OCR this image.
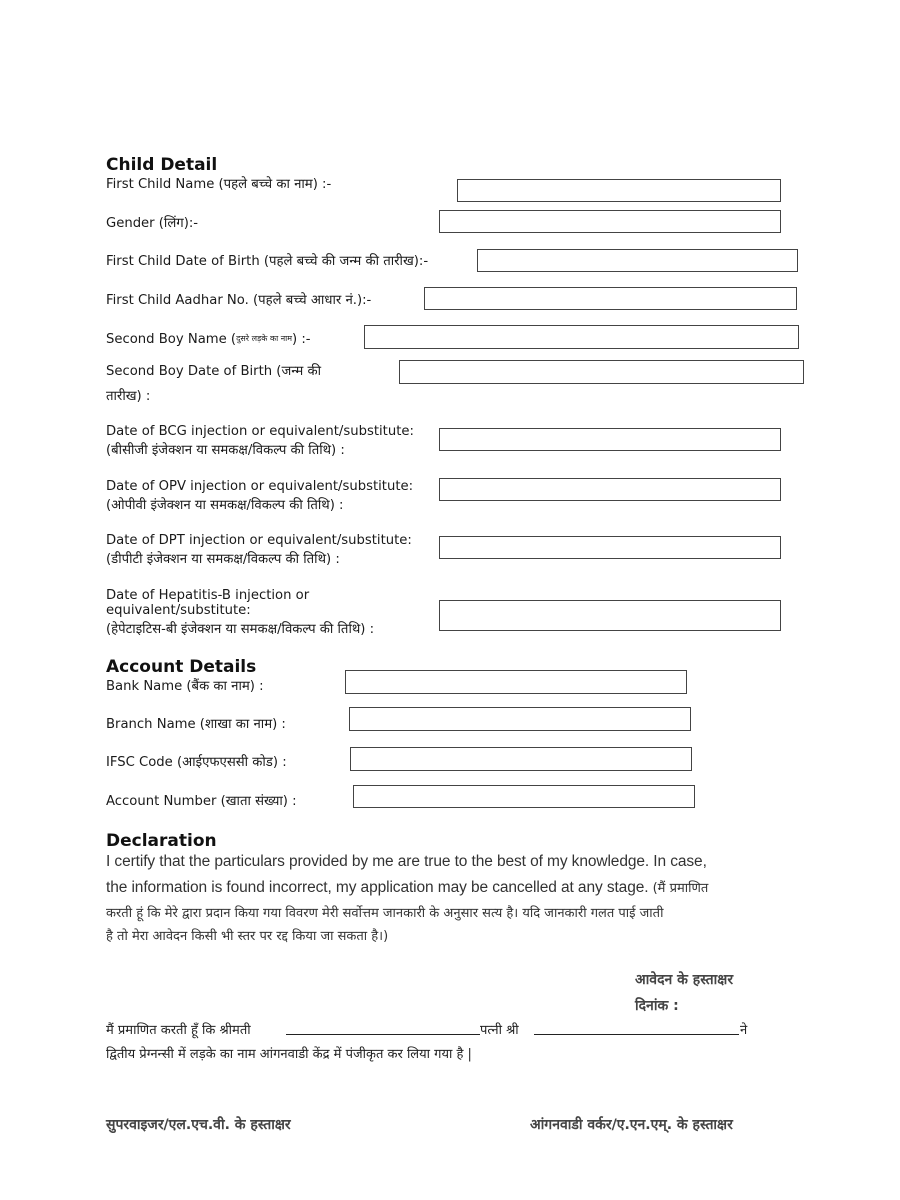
Child Detail
First Child Name (पहले बच्चे का नाम) :-
Gender (लिंग):-
First Child Date of Birth (पहले बच्चे की जन्म की तारीख):-
First Child Aadhar No. (पहले बच्चे आधार नं.):-
Second Boy Name (दुसरे लड़के का नाम) :-
Second Boy Date of Birth (जन्म की
तारीख) :
Date of BCG injection or equivalent/substitute:
(बीसीजी इंजेक्शन या समकक्ष/विकल्प की तिथि) :
Date of OPV injection or equivalent/substitute:
(ओपीवी इंजेक्शन या समकक्ष/विकल्प की तिथि) :
Date of DPT injection or equivalent/substitute:
(डीपीटी इंजेक्शन या समकक्ष/विकल्प की तिथि) :
Date of Hepatitis-B injection or
equivalent/substitute:
(हेपेटाइटिस-बी इंजेक्शन या समकक्ष/विकल्प की तिथि) :
Account Details
Bank Name (बैंक का नाम) :
Branch Name (शाखा का नाम) :
IFSC Code (आईएफएससी कोड) :
Account Number (खाता संख्या) :
Declaration
I certify that the particulars provided by me are true to the best of my knowledge. In case,
the information is found incorrect, my application may be cancelled at any stage. (मैं प्रमाणित
करती हूं कि मेरे द्वारा प्रदान किया गया विवरण मेरी सर्वोत्तम जानकारी के अनुसार सत्य है। यदि जानकारी गलत पाई जाती
है तो मेरा आवेदन किसी भी स्तर पर रद्द किया जा सकता है।)
आवेदन के हस्ताक्षर
दिनांक :
मैं प्रमाणित करती हूँ कि श्रीमती	पत्नी श्री	ने
द्वितीय प्रेग्नन्सी में लड़के का नाम आंगनवाडी केंद्र में पंजीकृत कर लिया गया है |
सुपरवाइजर/एल.एच.वी. के हस्ताक्षर	आंगनवाडी वर्कर/ए.एन.एम्. के हस्ताक्षर
